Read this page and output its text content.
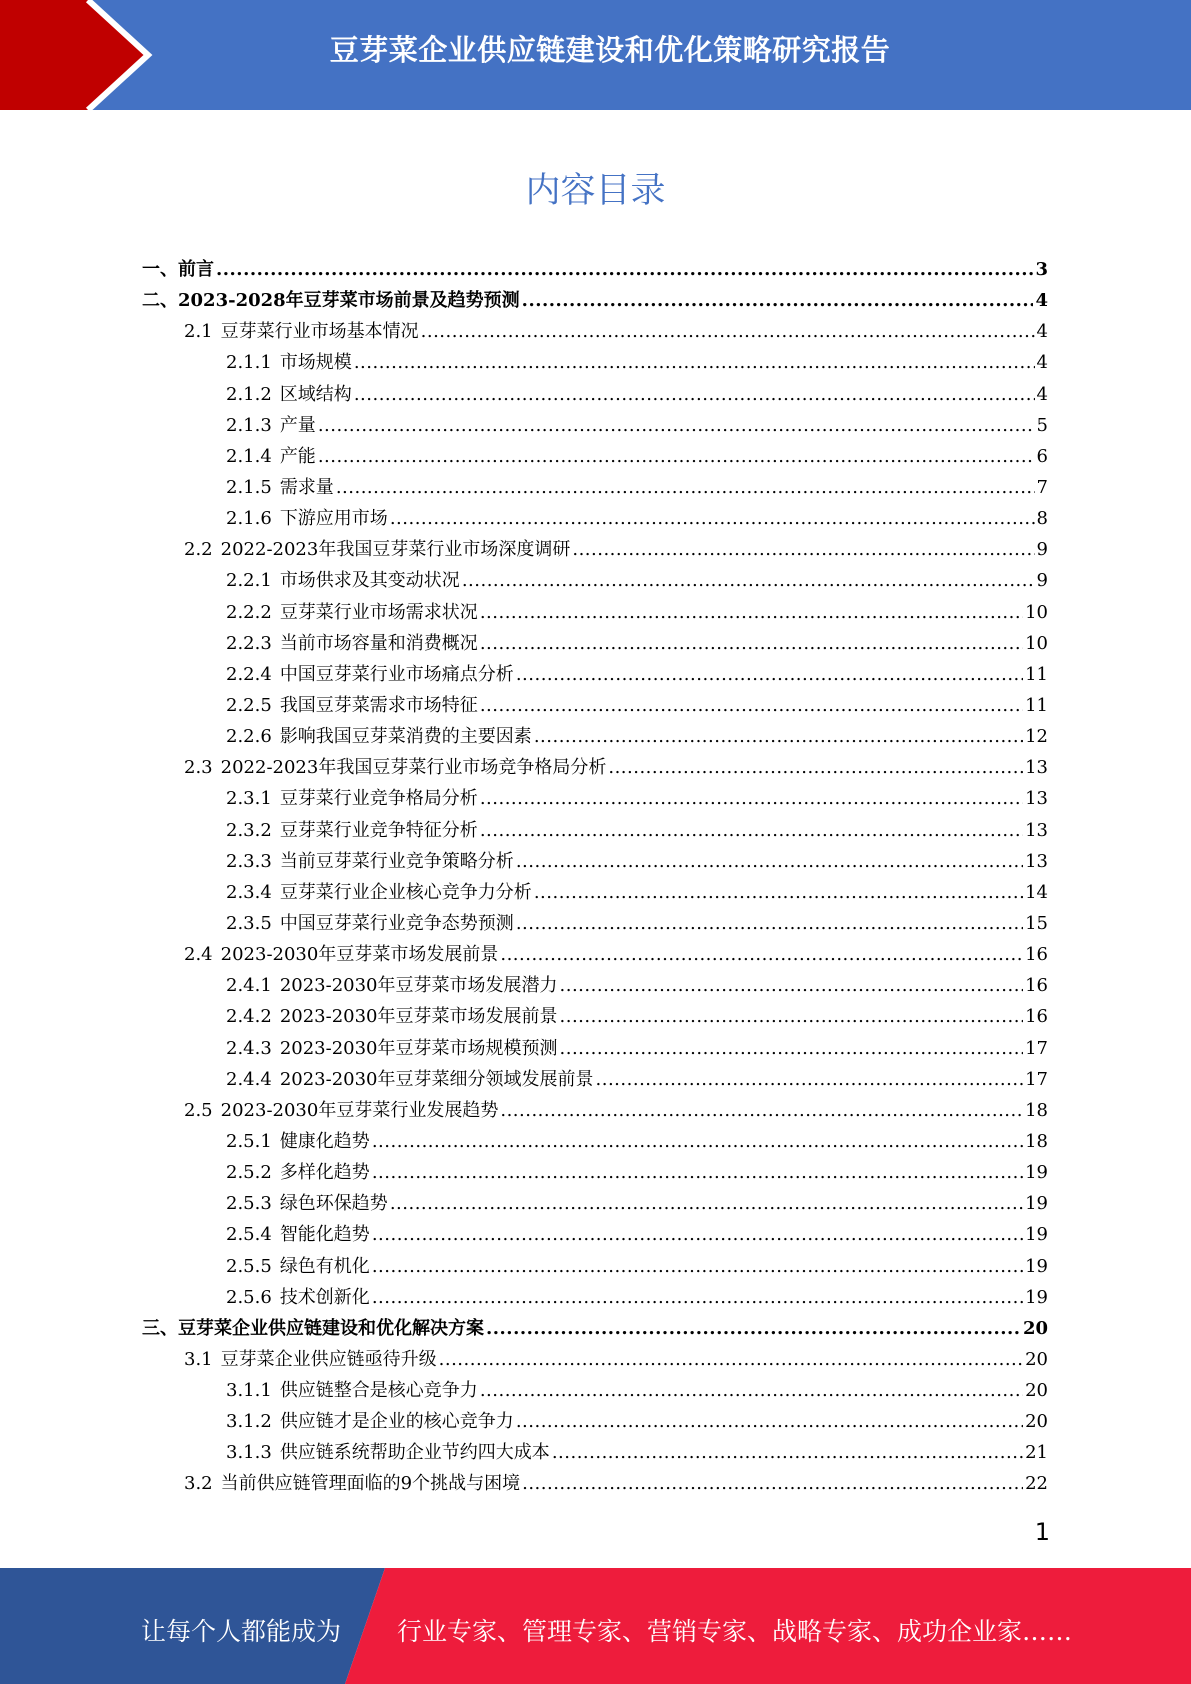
豆芽菜企业供应链建设和优化策略研究报告
内容目录
一、前言 .....	3
二、2023-2028年豆芽菜市场前景及趋势预测 .....	4
2.1 豆芽菜行业市场基本情况 .....	4
2.1.1 市场规模 .....	4
2.1.2 区域结构 .....	4
2.1.3 产量 .....	5
2.1.4 产能 .....	6
2.1.5 需求量 .....	7
2.1.6 下游应用市场 .....	8
2.2 2022-2023年我国豆芽菜行业市场深度调研 .....	9
2.2.1 市场供求及其变动状况 .....	9
2.2.2 豆芽菜行业市场需求状况 .....	10
2.2.3 当前市场容量和消费概况 .....	10
2.2.4 中国豆芽菜行业市场痛点分析 .....	11
2.2.5 我国豆芽菜需求市场特征 .....	11
2.2.6 影响我国豆芽菜消费的主要因素 .....	12
2.3 2022-2023年我国豆芽菜行业市场竞争格局分析 .....	13
2.3.1 豆芽菜行业竞争格局分析 .....	13
2.3.2 豆芽菜行业竞争特征分析 .....	13
2.3.3 当前豆芽菜行业竞争策略分析 .....	13
2.3.4 豆芽菜行业企业核心竞争力分析 .....	14
2.3.5 中国豆芽菜行业竞争态势预测 .....	15
2.4 2023-2030年豆芽菜市场发展前景 .....	16
2.4.1 2023-2030年豆芽菜市场发展潜力 .....	16
2.4.2 2023-2030年豆芽菜市场发展前景 .....	16
2.4.3 2023-2030年豆芽菜市场规模预测 .....	17
2.4.4 2023-2030年豆芽菜细分领域发展前景 .....	17
2.5 2023-2030年豆芽菜行业发展趋势 .....	18
2.5.1 健康化趋势 .....	18
2.5.2 多样化趋势 .....	19
2.5.3 绿色环保趋势 .....	19
2.5.4 智能化趋势 .....	19
2.5.5 绿色有机化 .....	19
2.5.6 技术创新化 .....	19
三、豆芽菜企业供应链建设和优化解决方案 .....	20
3.1 豆芽菜企业供应链亟待升级 .....	20
3.1.1 供应链整合是核心竞争力 .....	20
3.1.2 供应链才是企业的核心竞争力 .....	20
3.1.3 供应链系统帮助企业节约四大成本 .....	21
3.2 当前供应链管理面临的9个挑战与困境 .....	22
1
让每个人都能成为 行业专家、管理专家、营销专家、战略专家、成功企业家……
